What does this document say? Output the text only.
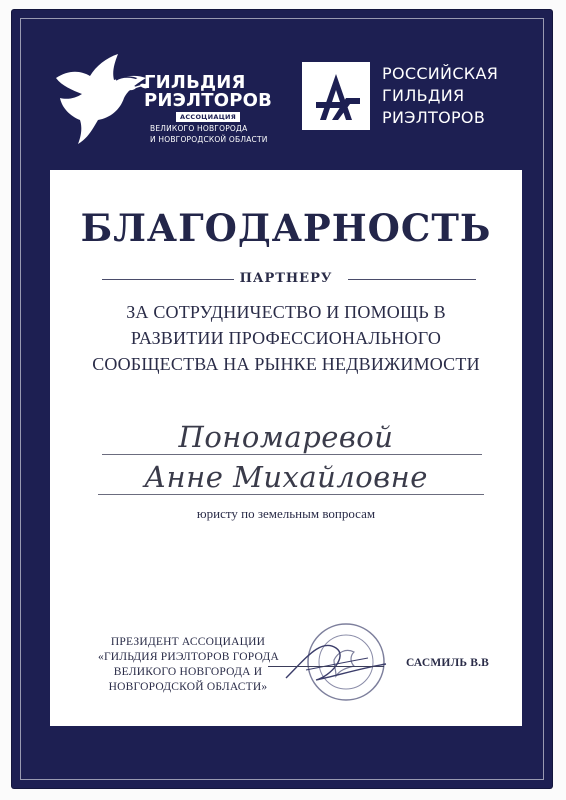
ГИЛЬДИЯ
РИЭЛТОРОВ
АССОЦИАЦИЯ
ВЕЛИКОГО НОВГОРОДА
И НОВГОРОДСКОЙ ОБЛАСТИ
РОССИЙСКАЯ
ГИЛЬДИЯ
РИЭЛТОРОВ
БЛАГОДАРНОСТЬ
ПАРТНЕРУ
ЗА СОТРУДНИЧЕСТВО И ПОМОЩЬ В
РАЗВИТИИ ПРОФЕССИОНАЛЬНОГО
СООБЩЕСТВА НА РЫНКЕ НЕДВИЖИМОСТИ
Пономаревой
Анне Михайловне
юристу по земельным вопросам
ПРЕЗИДЕНТ АССОЦИАЦИИ
«ГИЛЬДИЯ РИЭЛТОРОВ ГОРОДА
ВЕЛИКОГО НОВГОРОДА И
НОВГОРОДСКОЙ ОБЛАСТИ»
САСМИЛЬ В.В
